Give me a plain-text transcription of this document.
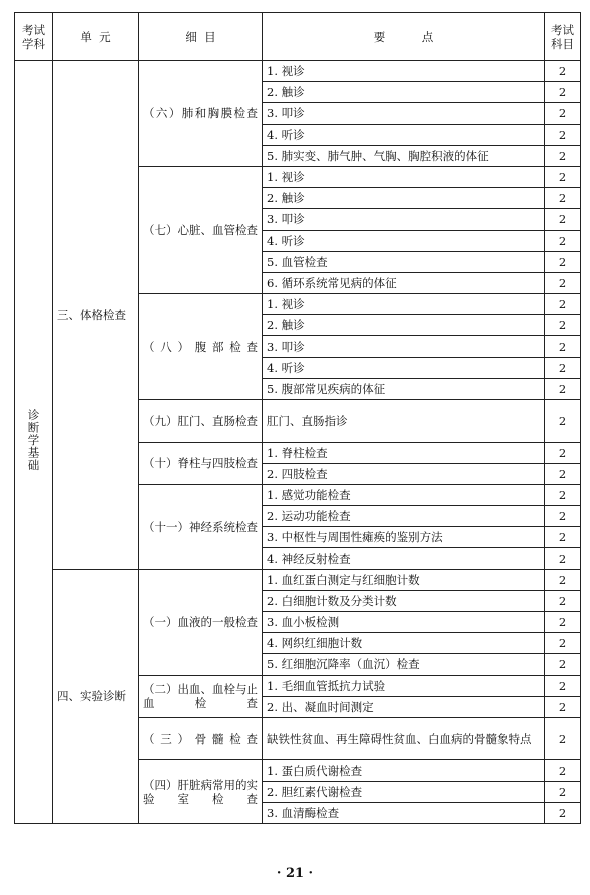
考试学科	单  元	细  目	要          点	考试科目
诊断学基础	三、体格检查	（六）肺和胸膜检查	1. 视诊	2
			2. 触诊	2
			3. 叩诊	2
			4. 听诊	2
			5. 肺实变、肺气肿、气胸、胸腔积液的体征	2
		（七）心脏、血管检查	1. 视诊	2
			2. 触诊	2
			3. 叩诊	2
			4. 听诊	2
			5. 血管检查	2
			6. 循环系统常见病的体征	2
		（八）腹部检查	1. 视诊	2
			2. 触诊	2
			3. 叩诊	2
			4. 听诊	2
			5. 腹部常见疾病的体征	2
		（九）肛门、直肠检查	肛门、直肠指诊	2
		（十）脊柱与四肢检查	1. 脊柱检查	2
			2. 四肢检查	2
		（十一）神经系统检查	1. 感觉功能检查	2
			2. 运动功能检查	2
			3. 中枢性与周围性瘫痪的鉴别方法	2
			4. 神经反射检查	2
	四、实验诊断	（一）血液的一般检查	1. 血红蛋白测定与红细胞计数	2
			2. 白细胞计数及分类计数	2
			3. 血小板检测	2
			4. 网织红细胞计数	2
			5. 红细胞沉降率（血沉）检查	2
		（二）出血、血栓与止血检查	1. 毛细血管抵抗力试验	2
			2. 出、凝血时间测定	2
		（三）骨髓检查	缺铁性贫血、再生障碍性贫血、白血病的骨髓象特点	2
		（四）肝脏病常用的实验室检查	1. 蛋白质代谢检查	2
			2. 胆红素代谢检查	2
			3. 血清酶检查	2
· 21 ·
